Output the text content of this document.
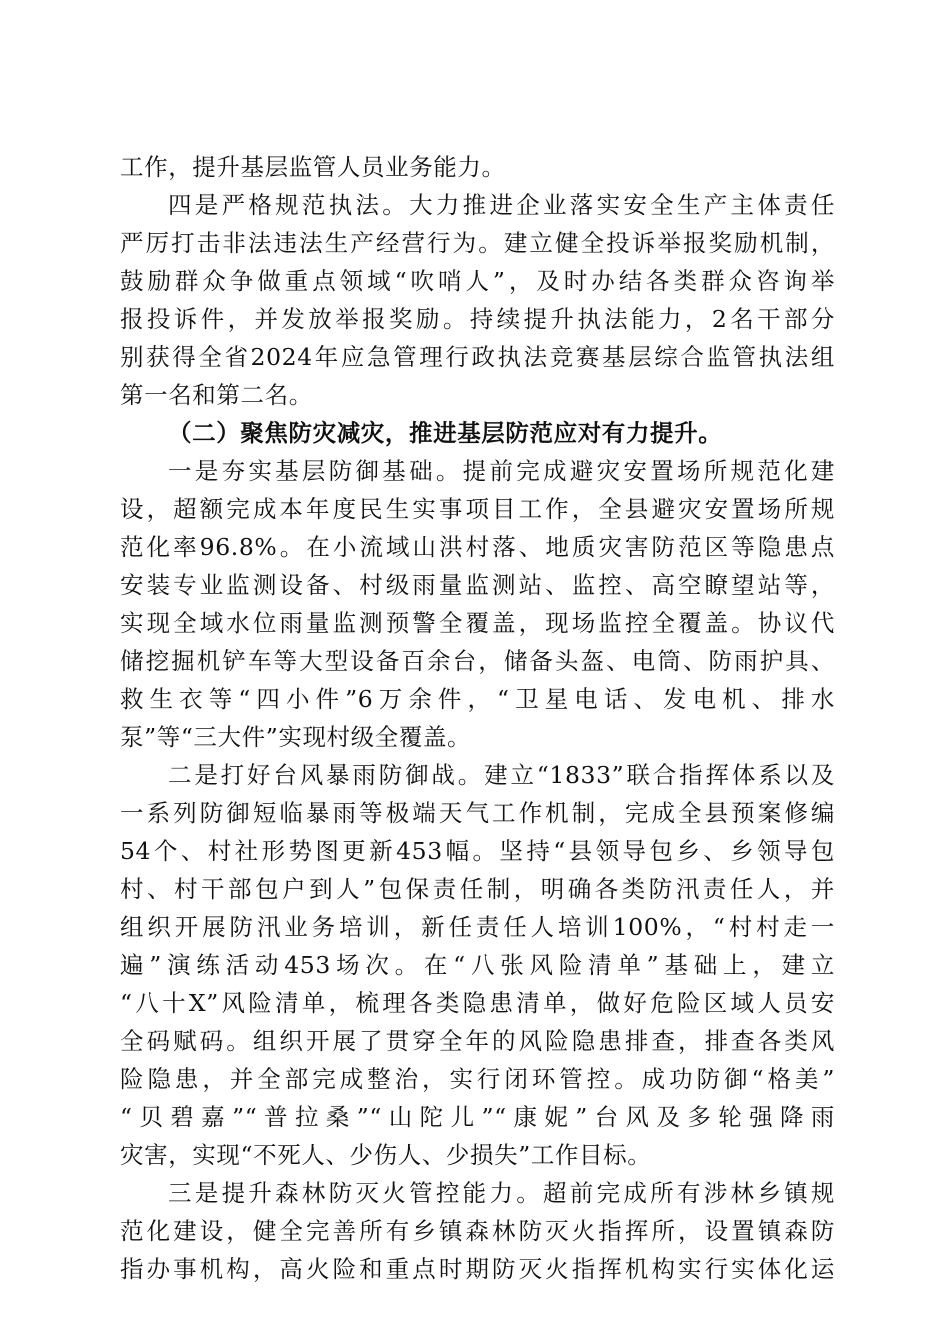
工作，提升基层监管人员业务能力。
四是严格规范执法。大力推进企业落实安全生产主体责任
严厉打击非法违法生产经营行为。建立健全投诉举报奖励机制，
鼓励群众争做重点领域“吹哨人”，及时办结各类群众咨询举
报投诉件，并发放举报奖励。持续提升执法能力，2名干部分
别获得全省2024年应急管理行政执法竞赛基层综合监管执法组
第一名和第二名。
（二）聚焦防灾减灾，推进基层防范应对有力提升。
一是夯实基层防御基础。提前完成避灾安置场所规范化建
设，超额完成本年度民生实事项目工作，全县避灾安置场所规
范化率96.8%。在小流域山洪村落、地质灾害防范区等隐患点
安装专业监测设备、村级雨量监测站、监控、高空瞭望站等，
实现全域水位雨量监测预警全覆盖，现场监控全覆盖。协议代
储挖掘机铲车等大型设备百余台，储备头盔、电筒、防雨护具、
救生衣等“四小件”6万余件，“卫星电话、发电机、排水
泵”等“三大件”实现村级全覆盖。
二是打好台风暴雨防御战。建立“1833”联合指挥体系以及
一系列防御短临暴雨等极端天气工作机制，完成全县预案修编
54个、村社形势图更新453幅。坚持“县领导包乡、乡领导包
村、村干部包户到人”包保责任制，明确各类防汛责任人，并
组织开展防汛业务培训，新任责任人培训100%，“村村走一
遍”演练活动453场次。在“八张风险清单”基础上，建立
“八十X”风险清单，梳理各类隐患清单，做好危险区域人员安
全码赋码。组织开展了贯穿全年的风险隐患排查，排查各类风
险隐患，并全部完成整治，实行闭环管控。成功防御“格美”
“贝碧嘉”“普拉桑”“山陀儿”“康妮”台风及多轮强降雨
灾害，实现“不死人、少伤人、少损失”工作目标。
三是提升森林防灭火管控能力。超前完成所有涉林乡镇规
范化建设，健全完善所有乡镇森林防灭火指挥所，设置镇森防
指办事机构，高火险和重点时期防灭火指挥机构实行实体化运
